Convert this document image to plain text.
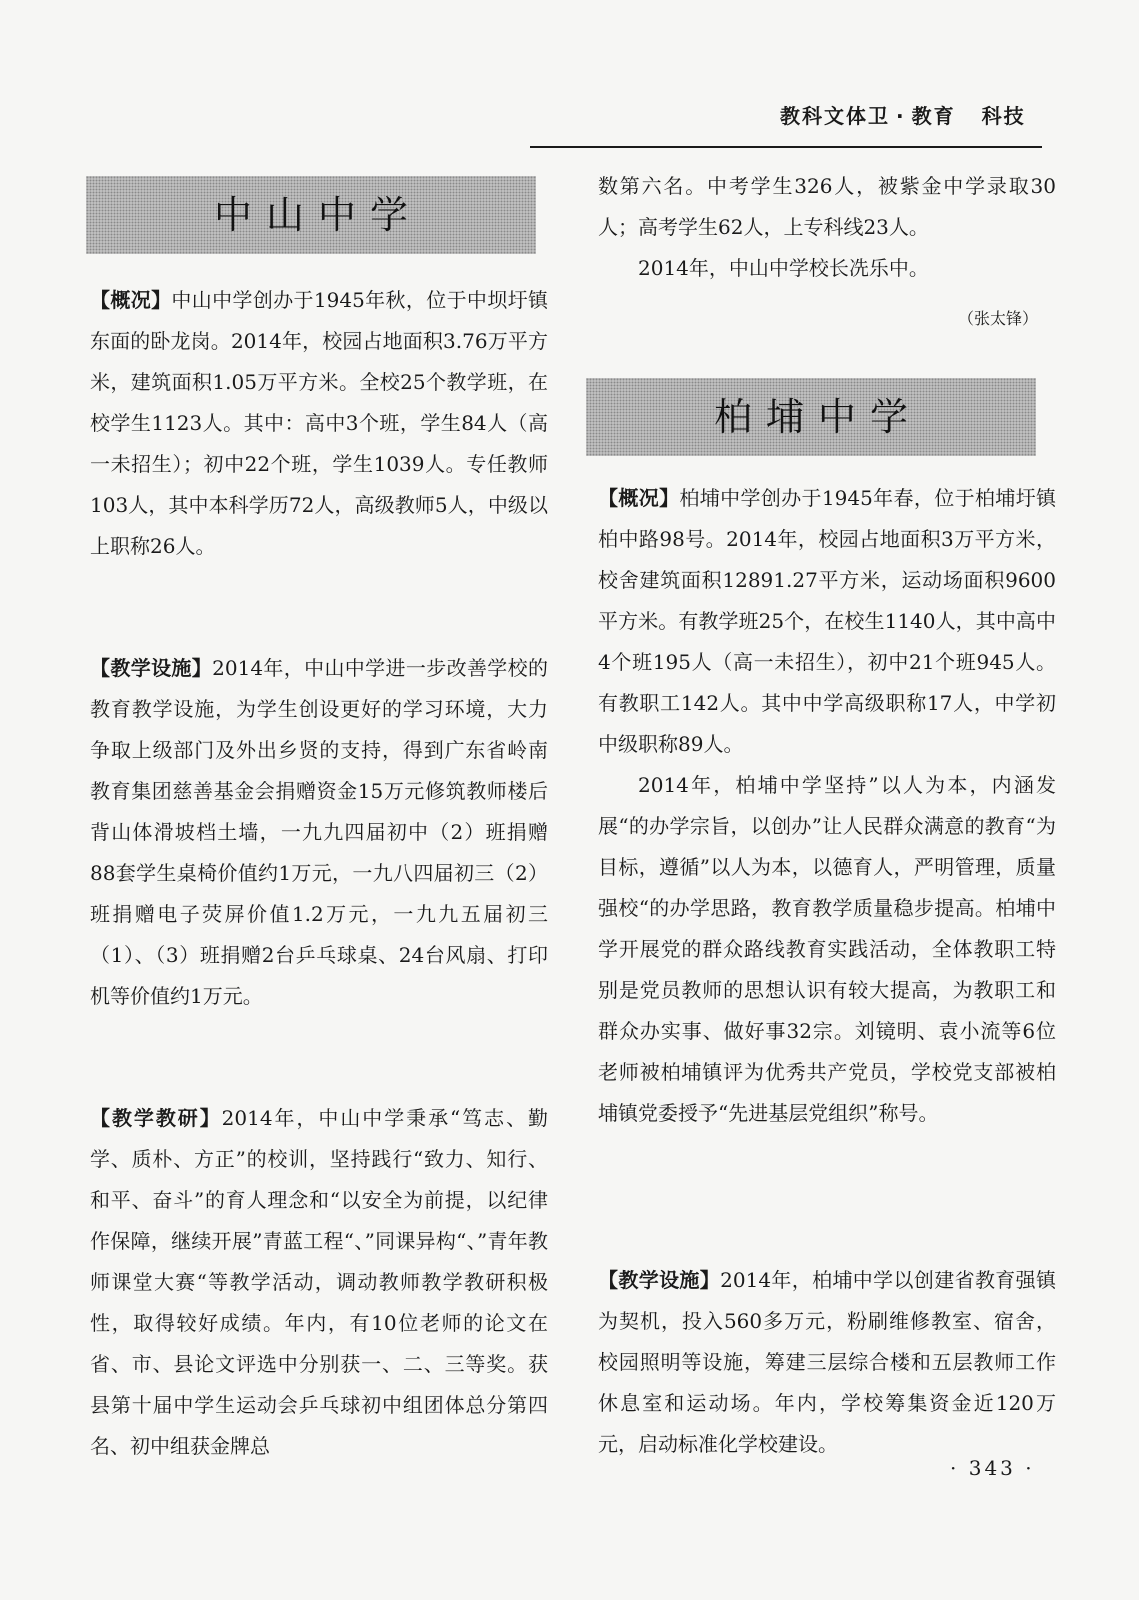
教科文体卫 · 教育 科技
中山中学

【概况】中山中学创办于1945年秋，位于中坝圩镇东面的卧龙岗。2014年，校园占地面积3.76万平方米，建筑面积1.05万平方米。全校25个教学班，在校学生1123人。其中：高中3个班，学生84人（高一未招生）；初中22个班，学生1039人。专任教师103人，其中本科学历72人，高级教师5人，中级以上职称26人。

【教学设施】2014年，中山中学进一步改善学校的教育教学设施，为学生创设更好的学习环境，大力争取上级部门及外出乡贤的支持，得到广东省岭南教育集团慈善基金会捐赠资金15万元修筑教师楼后背山体滑坡档土墙，一九九四届初中（2）班捐赠88套学生桌椅价值约1万元，一九八四届初三（2）班捐赠电子荧屏价值1.2万元，一九九五届初三（1）、（3）班捐赠2台乒乓球桌、24台风扇、打印机等价值约1万元。

【教学教研】2014年，中山中学秉承“笃志、勤学、质朴、方正”的校训，坚持践行“致力、知行、和平、奋斗”的育人理念和“以安全为前提，以纪律作保障，继续开展”青蓝工程“、”同课异构“、”青年教师课堂大赛“等教学活动，调动教师教学教研积极性，取得较好成绩。年内，有10位老师的论文在省、市、县论文评选中分别获一、二、三等奖。获县第十届中学生运动会乒乓球初中组团体总分第四名、初中组获金牌总

数第六名。中考学生326人，被紫金中学录取30人；高考学生62人，上专科线23人。

2014年，中山中学校长冼乐中。

（张太锋）
柏埔中学

【概况】柏埔中学创办于1945年春，位于柏埔圩镇柏中路98号。2014年，校园占地面积3万平方米，校舍建筑面积12891.27平方米，运动场面积9600平方米。有教学班25个，在校生1140人，其中高中4个班195人（高一未招生），初中21个班945人。有教职工142人。其中中学高级职称17人，中学初中级职称89人。

2014年，柏埔中学坚持”以人为本，内涵发展“的办学宗旨，以创办”让人民群众满意的教育“为目标，遵循”以人为本，以德育人，严明管理，质量强校“的办学思路，教育教学质量稳步提高。柏埔中学开展党的群众路线教育实践活动，全体教职工特别是党员教师的思想认识有较大提高，为教职工和群众办实事、做好事32宗。刘镜明、袁小流等6位老师被柏埔镇评为优秀共产党员，学校党支部被柏埔镇党委授予“先进基层党组织”称号。

【教学设施】2014年，柏埔中学以创建省教育强镇为契机，投入560多万元，粉刷维修教室、宿舍，校园照明等设施，筹建三层综合楼和五层教师工作休息室和运动场。年内，学校筹集资金近120万元，启动标准化学校建设。

· 343 ·
